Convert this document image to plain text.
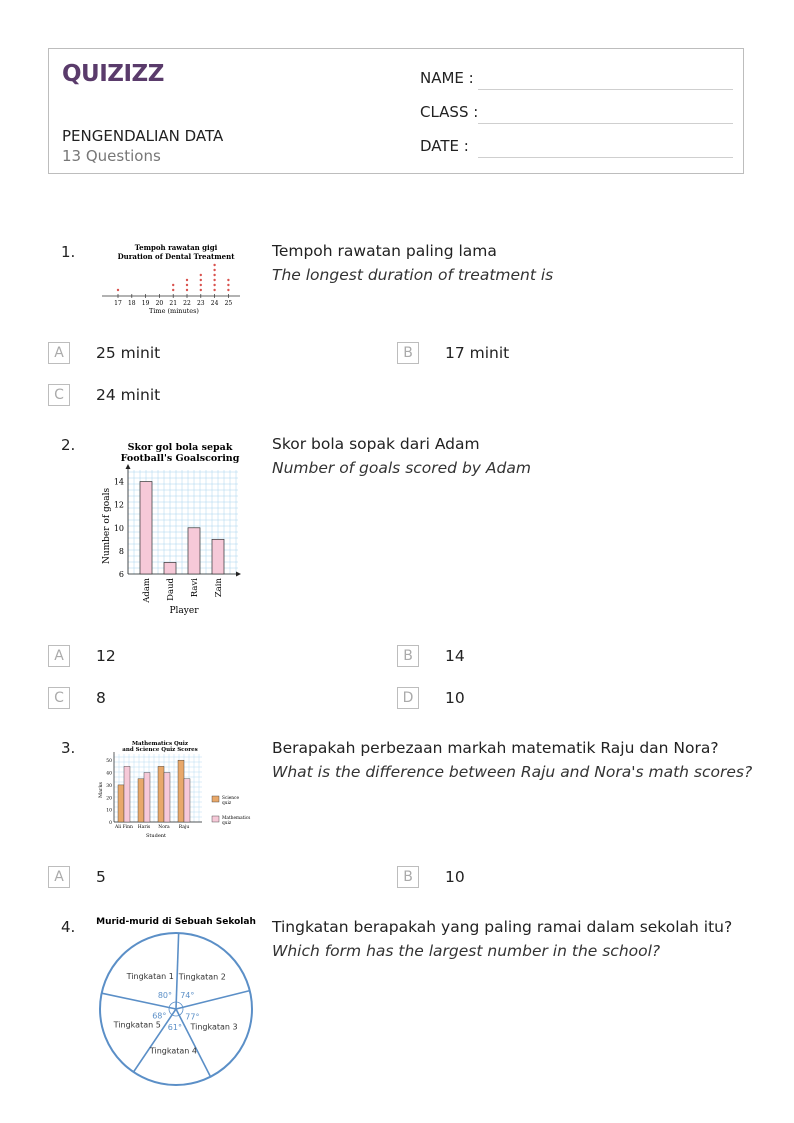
QUIZIZZ
PENGENDALIAN DATA
13 Questions
NAME :
CLASS :
DATE :
1.	Tempoh rawatan gigi
Duration of Dental Treatment
17 18 19 20 21 22 23 24 25
Time (minutes)
Tempoh rawatan paling lama
The longest duration of treatment is
A	25 minit	B	17 minit
C	24 minit
2.	Skor gol bola sepak
Football's Goalscoring
6
8
10
12
14
Adam Daud Ravi Zain
Number of goals
Player
Skor bola sopak dari Adam
Number of goals scored by Adam
A	12	B	14
C	8	D	10
3.	Mathematics Quiz
and Science Quiz Scores
0
10
20
30
40
50
Ali Finn Haris Nora Raju
Science
quiz
Mathematics
quiz
Marks
Student
Berapakah perbezaan markah matematik Raju dan Nora?
What is the difference between Raju and Nora's math scores?
A	5	B	10
4. Murid-murid di Sebuah Sekolah
Tingkatan 1
80°
Tingkatan 5
68°
Tingkatan 4
61° Tingkatan 3
77°
Tingkatan 2
74°
Tingkatan berapakah yang paling ramai dalam sekolah itu?
Which form has the largest number in the school?
